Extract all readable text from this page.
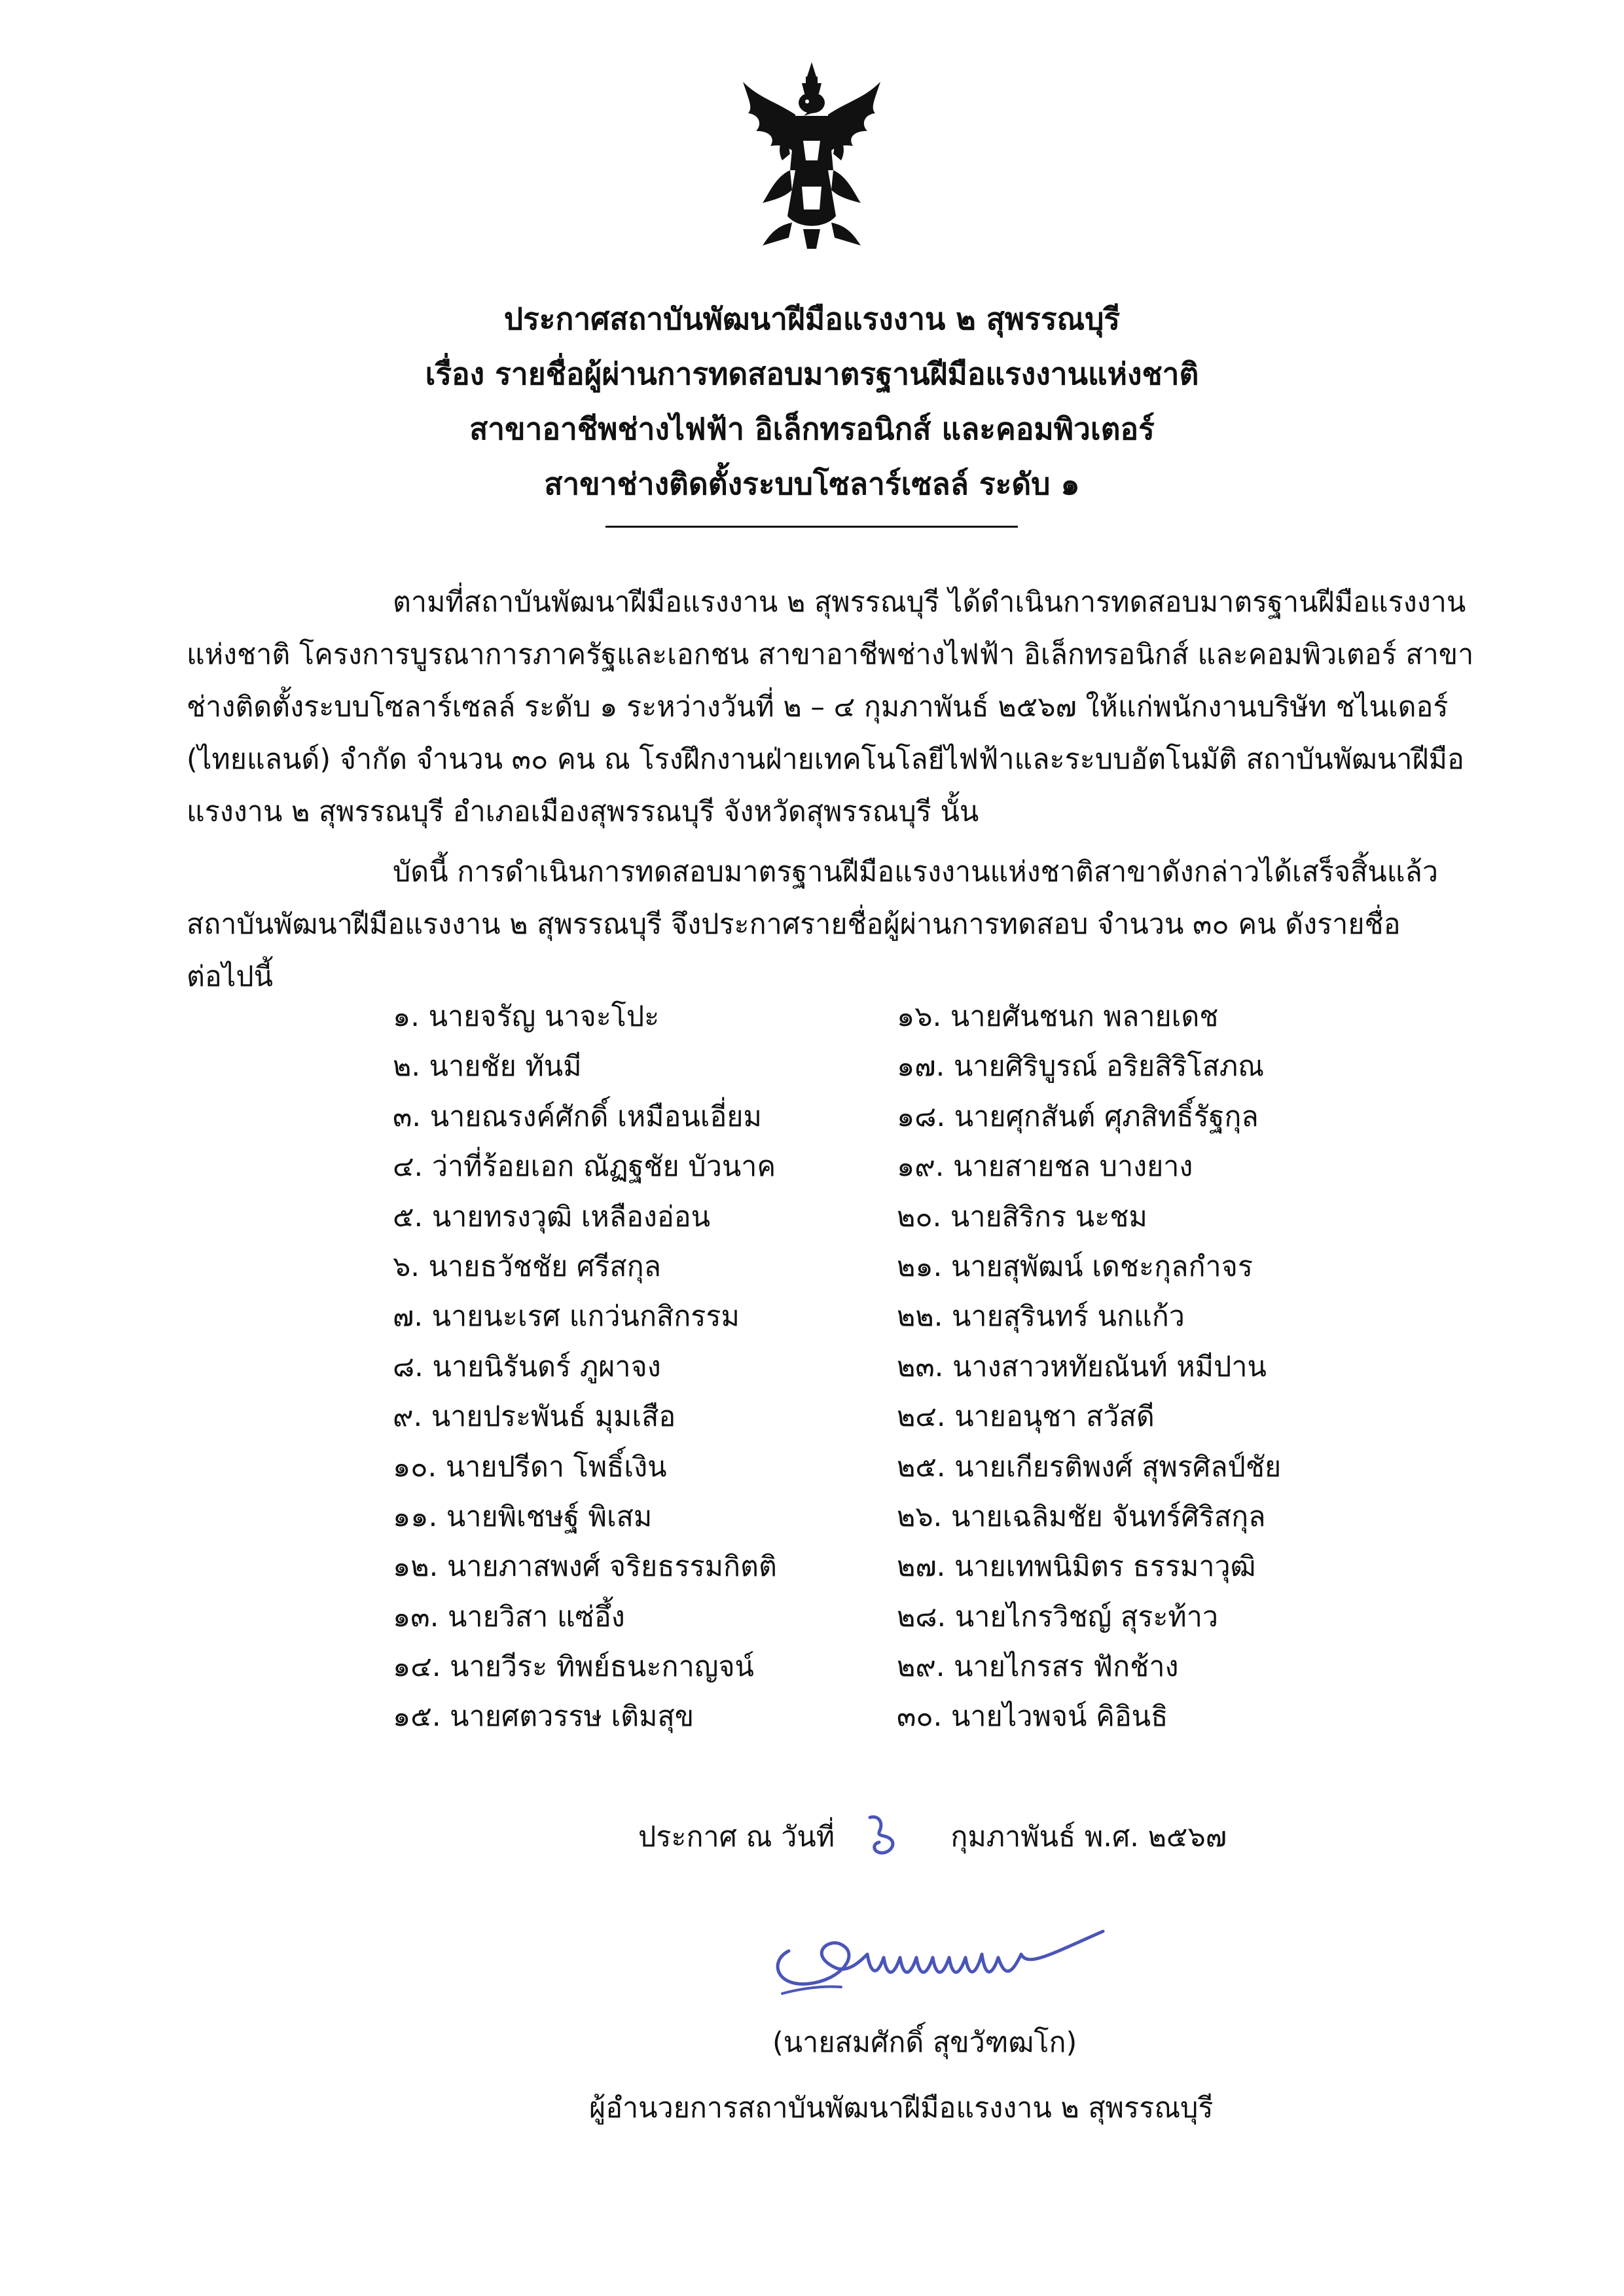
ประกาศสถาบันพัฒนาฝีมือแรงงาน ๒ สุพรรณบุรี
เรื่อง รายชื่อผู้ผ่านการทดสอบมาตรฐานฝีมือแรงงานแห่งชาติ
สาขาอาชีพช่างไฟฟ้า อิเล็กทรอนิกส์ และคอมพิวเตอร์
สาขาช่างติดตั้งระบบโซลาร์เซลล์ ระดับ ๑
ตามที่สถาบันพัฒนาฝีมือแรงงาน ๒ สุพรรณบุรี ได้ดำเนินการทดสอบมาตรฐานฝีมือแรงงาน
แห่งชาติ โครงการบูรณาการภาครัฐและเอกชน สาขาอาชีพช่างไฟฟ้า อิเล็กทรอนิกส์ และคอมพิวเตอร์ สาขา
ช่างติดตั้งระบบโซลาร์เซลล์ ระดับ ๑ ระหว่างวันที่ ๒ – ๔ กุมภาพันธ์ ๒๕๖๗ ให้แก่พนักงานบริษัท ชไนเดอร์
(ไทยแลนด์) จำกัด จำนวน ๓๐ คน ณ โรงฝึกงานฝ่ายเทคโนโลยีไฟฟ้าและระบบอัตโนมัติ สถาบันพัฒนาฝีมือ
แรงงาน ๒ สุพรรณบุรี อำเภอเมืองสุพรรณบุรี จังหวัดสุพรรณบุรี นั้น
บัดนี้ การดำเนินการทดสอบมาตรฐานฝีมือแรงงานแห่งชาติสาขาดังกล่าวได้เสร็จสิ้นแล้ว
สถาบันพัฒนาฝีมือแรงงาน ๒ สุพรรณบุรี จึงประกาศรายชื่อผู้ผ่านการทดสอบ จำนวน ๓๐ คน ดังรายชื่อ
ต่อไปนี้
๑. นายจรัญ นาจะโปะ
๒. นายชัย ทันมี
๓. นายณรงค์ศักดิ์ เหมือนเอี่ยม
๔. ว่าที่ร้อยเอก ณัฏฐชัย บัวนาค
๕. นายทรงวุฒิ เหลืองอ่อน
๖. นายธวัชชัย ศรีสกุล
๗. นายนะเรศ แกว่นกสิกรรม
๘. นายนิรันดร์ ภูผาจง
๙. นายประพันธ์ มุมเสือ
๑๐. นายปรีดา โพธิ์เงิน
๑๑. นายพิเชษฐ์ พิเสม
๑๒. นายภาสพงศ์ จริยธรรมกิตติ
๑๓. นายวิสา แซ่อึ้ง
๑๔. นายวีระ ทิพย์ธนะกาญจน์
๑๕. นายศตวรรษ เติมสุข
๑๖. นายศันชนก พลายเดช
๑๗. นายศิริบูรณ์ อริยสิริโสภณ
๑๘. นายศุกสันต์ ศุภสิทธิ์รัฐกุล
๑๙. นายสายชล บางยาง
๒๐. นายสิริกร นะชม
๒๑. นายสุพัฒน์ เดชะกุลกำจร
๒๒. นายสุรินทร์ นกแก้ว
๒๓. นางสาวหทัยณันท์ หมีปาน
๒๔. นายอนุชา สวัสดี
๒๕. นายเกียรติพงศ์ สุพรศิลป์ชัย
๒๖. นายเฉลิมชัย จันทร์ศิริสกุล
๒๗. นายเทพนิมิตร ธรรมาวุฒิ
๒๘. นายไกรวิชญ์ สุระท้าว
๒๙. นายไกรสร ฟักช้าง
๓๐. นายไวพจน์ คิอินธิ
ประกาศ ณ วันที่	กุมภาพันธ์ พ.ศ. ๒๕๖๗
(นายสมศักดิ์ สุขวัฑฒโก)
ผู้อำนวยการสถาบันพัฒนาฝีมือแรงงาน ๒ สุพรรณบุรี
